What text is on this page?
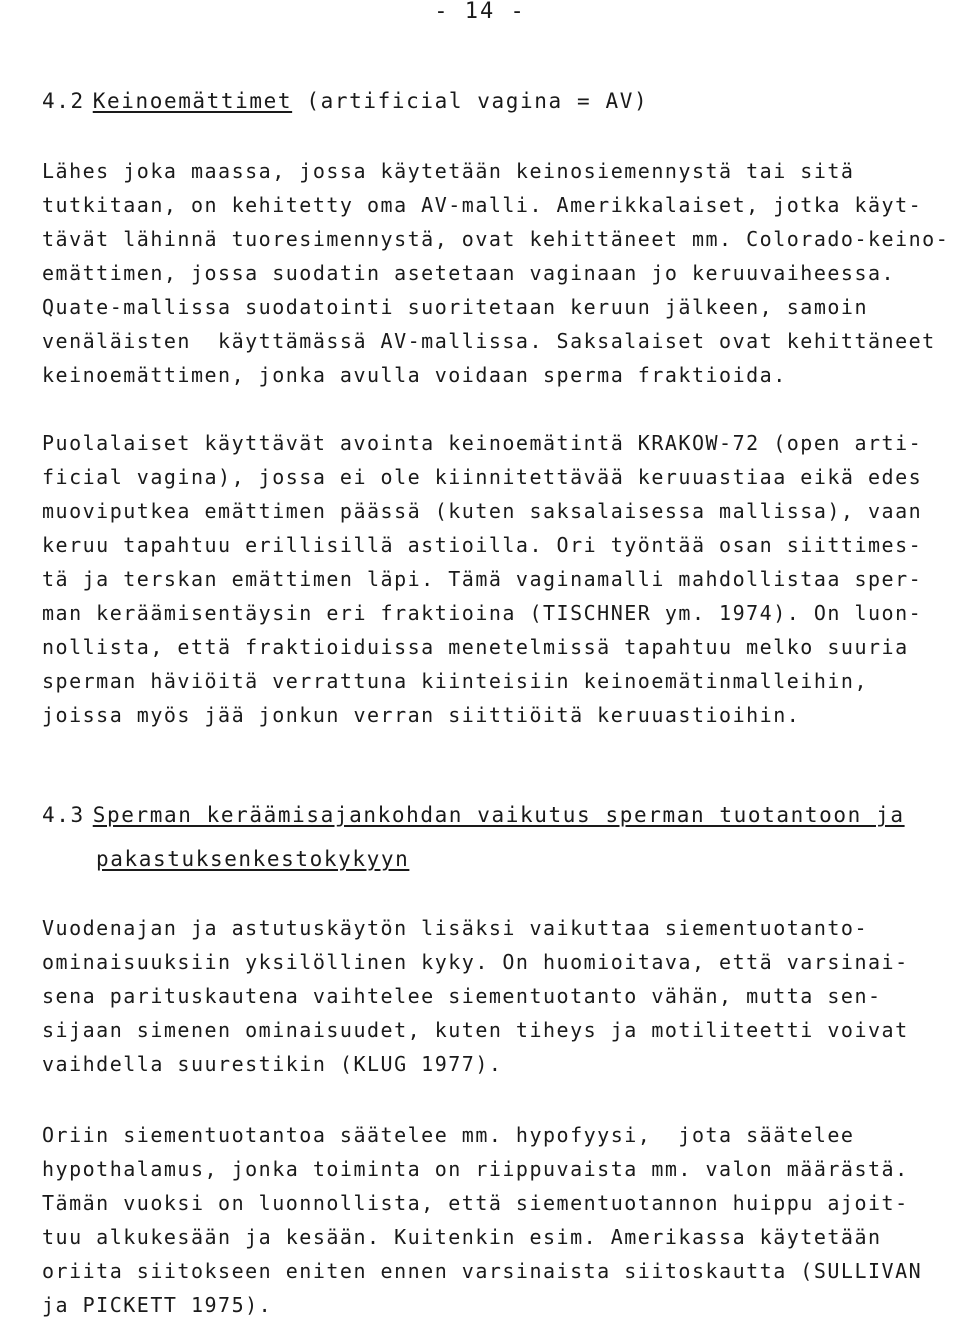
- 14 -
4.2 Keinoemättimet (artificial vagina = AV)
Lähes joka maassa, jossa käytetään keinosiemennystä tai sitä
tutkitaan, on kehitetty oma AV-malli. Amerikkalaiset, jotka käyt-
tävät lähinnä tuoresimennystä, ovat kehittäneet mm. Colorado-keino-
emättimen, jossa suodatin asetetaan vaginaan jo keruuvaiheessa.
Quate-mallissa suodatointi suoritetaan keruun jälkeen, samoin
venäläisten  käyttämässä AV-mallissa. Saksalaiset ovat kehittäneet
keinoemättimen, jonka avulla voidaan sperma fraktioida.
Puolalaiset käyttävät avointa keinoemätintä KRAKOW-72 (open arti-
ficial vagina), jossa ei ole kiinnitettävää keruuastiaa eikä edes
muoviputkea emättimen päässä (kuten saksalaisessa mallissa), vaan
keruu tapahtuu erillisillä astioilla. Ori työntää osan siittimes-
tä ja terskan emättimen läpi. Tämä vaginamalli mahdollistaa sper-
man keräämisentäysin eri fraktioina (TISCHNER ym. 1974). On luon-
nollista, että fraktioiduissa menetelmissä tapahtuu melko suuria
sperman häviöitä verrattuna kiinteisiin keinoemätinmalleihin,
joissa myös jää jonkun verran siittiöitä keruuastioihin.
4.3 Sperman keräämisajankohdan vaikutus sperman tuotantoon ja
pakastuksenkestokykyyn
Vuodenajan ja astutuskäytön lisäksi vaikuttaa siementuotanto-
ominaisuuksiin yksilöllinen kyky. On huomioitava, että varsinai-
sena parituskautena vaihtelee siementuotanto vähän, mutta sen-
sijaan simenen ominaisuudet, kuten tiheys ja motiliteetti voivat
vaihdella suurestikin (KLUG 1977).
Oriin siementuotantoa säätelee mm. hypofyysi,  jota säätelee
hypothalamus, jonka toiminta on riippuvaista mm. valon määrästä.
Tämän vuoksi on luonnollista, että siementuotannon huippu ajoit-
tuu alkukesään ja kesään. Kuitenkin esim. Amerikassa käytetään
oriita siitokseen eniten ennen varsinaista siitoskautta (SULLIVAN
ja PICKETT 1975).
